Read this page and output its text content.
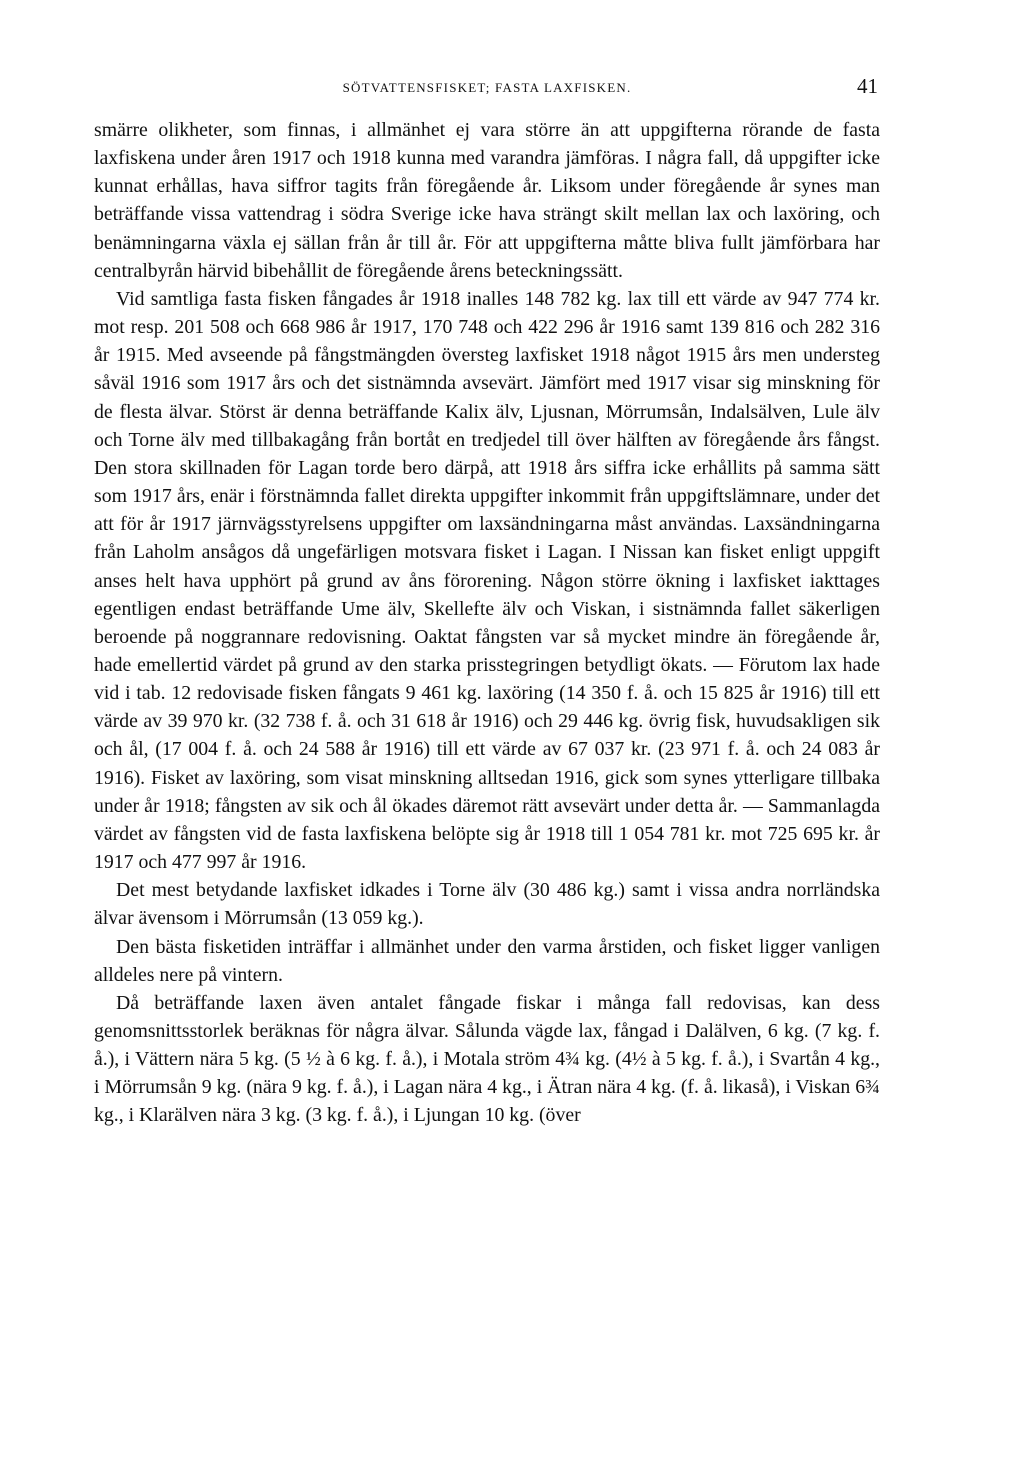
SÖTVATTENSFISKET; FASTA LAXFISKEN.	41

smärre olikheter, som finnas, i allmänhet ej vara större än att uppgifterna rörande de fasta laxfiskena under åren 1917 och 1918 kunna med varandra jämföras. I några fall, då uppgifter icke kunnat erhållas, hava siffror tagits från föregående år. Liksom under föregående år synes man beträffande vissa vattendrag i södra Sverige icke hava strängt skilt mellan lax och laxöring, och benämningarna växla ej sällan från år till år. För att uppgifterna måtte bliva fullt jämförbara har centralbyrån härvid bibehållit de föregående årens beteckningssätt.

Vid samtliga fasta fisken fångades år 1918 inalles 148 782 kg. lax till ett värde av 947 774 kr. mot resp. 201 508 och 668 986 år 1917, 170 748 och 422 296 år 1916 samt 139 816 och 282 316 år 1915. Med avseende på fångstmängden översteg laxfisket 1918 något 1915 års men understeg såväl 1916 som 1917 års och det sistnämnda avsevärt. Jämfört med 1917 visar sig minskning för de flesta älvar. Störst är denna beträffande Kalix älv, Ljusnan, Mörrumsån, Indalsälven, Lule älv och Torne älv med tillbakagång från bortåt en tredjedel till över hälften av föregående års fångst. Den stora skillnaden för Lagan torde bero därpå, att 1918 års siffra icke erhållits på samma sätt som 1917 års, enär i förstnämnda fallet direkta uppgifter inkommit från uppgiftslämnare, under det att för år 1917 järnvägsstyrelsens uppgifter om laxsändningarna måst användas. Laxsändningarna från Laholm ansågos då ungefärligen motsvara fisket i Lagan. I Nissan kan fisket enligt uppgift anses helt hava upphört på grund av åns förorening. Någon större ökning i laxfisket iakttages egentligen endast beträffande Ume älv, Skellefte älv och Viskan, i sistnämnda fallet säkerligen beroende på noggrannare redovisning. Oaktat fångsten var så mycket mindre än föregående år, hade emellertid värdet på grund av den starka prisstegringen betydligt ökats. — Förutom lax hade vid i tab. 12 redovisade fisken fångats 9 461 kg. laxöring (14 350 f. å. och 15 825 år 1916) till ett värde av 39 970 kr. (32 738 f. å. och 31 618 år 1916) och 29 446 kg. övrig fisk, huvudsakligen sik och ål, (17 004 f. å. och 24 588 år 1916) till ett värde av 67 037 kr. (23 971 f. å. och 24 083 år 1916). Fisket av laxöring, som visat minskning alltsedan 1916, gick som synes ytterligare tillbaka under år 1918; fångsten av sik och ål ökades däremot rätt avsevärt under detta år. — Sammanlagda värdet av fångsten vid de fasta laxfiskena belöpte sig år 1918 till 1 054 781 kr. mot 725 695 kr. år 1917 och 477 997 år 1916.

Det mest betydande laxfisket idkades i Torne älv (30 486 kg.) samt i vissa andra norrländska älvar ävensom i Mörrumsån (13 059 kg.).

Den bästa fisketiden inträffar i allmänhet under den varma årstiden, och fisket ligger vanligen alldeles nere på vintern.

Då beträffande laxen även antalet fångade fiskar i många fall redovisas, kan dess genomsnittsstorlek beräknas för några älvar. Sålunda vägde lax, fångad i Dalälven, 6 kg. (7 kg. f. å.), i Vättern nära 5 kg. (5 ½ à 6 kg. f. å.), i Motala ström 4¾ kg. (4½ à 5 kg. f. å.), i Svartån 4 kg., i Mörrumsån 9 kg. (nära 9 kg. f. å.), i Lagan nära 4 kg., i Ätran nära 4 kg. (f. å. likaså), i Viskan 6¾ kg., i Klarälven nära 3 kg. (3 kg. f. å.), i Ljungan 10 kg. (över
